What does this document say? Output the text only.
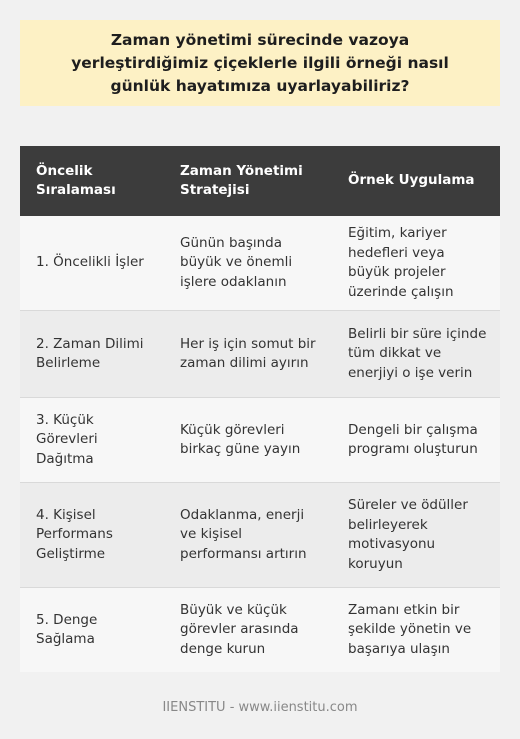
Zaman yönetimi sürecinde vazoya yerleştirdiğimiz çiçeklerle ilgili örneği nasıl günlük hayatımıza uyarlayabiliriz?

Öncelik Sıralaması
Zaman Yönetimi Stratejisi
Örnek Uygulama
1. Öncelikli İşler
Günün başında büyük ve önemli işlere odaklanın
Eğitim, kariyer hedefleri veya büyük projeler üzerinde çalışın
2. Zaman Dilimi Belirleme
Her iş için somut bir zaman dilimi ayırın
Belirli bir süre içinde tüm dikkat ve enerjiyi o işe verin
3. Küçük Görevleri Dağıtma
Küçük görevleri birkaç güne yayın
Dengeli bir çalışma programı oluşturun
4. Kişisel Performans Geliştirme
Odaklanma, enerji ve kişisel performansı artırın
Süreler ve ödüller belirleyerek motivasyonu koruyun
5. Denge Sağlama
Büyük ve küçük görevler arasında denge kurun
Zamanı etkin bir şekilde yönetin ve başarıya ulaşın
IIENSTITU - www.iienstitu.com
